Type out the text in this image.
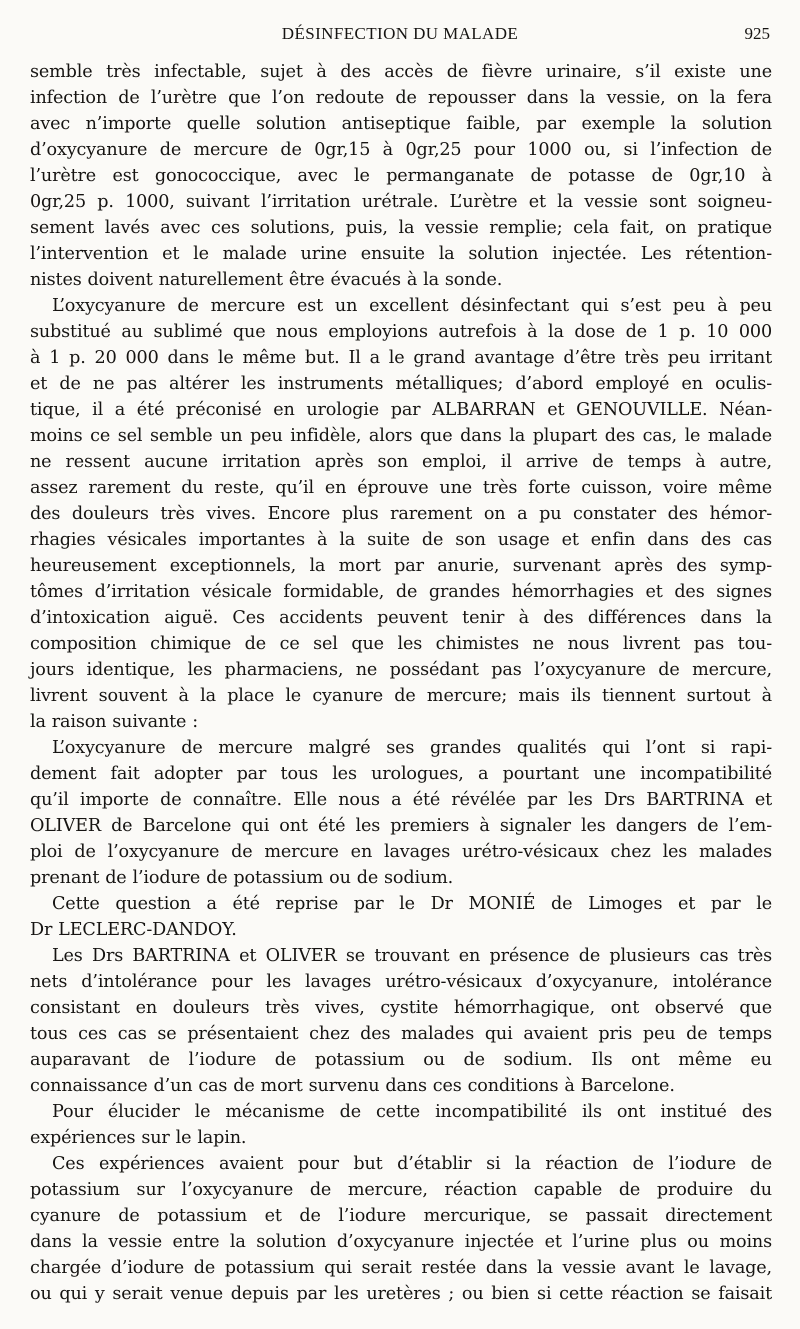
DÉSINFECTION DU MALADE	925
semble très infectable, sujet à des accès de fièvre urinaire, s’il existe une
infection de l’urètre que l’on redoute de repousser dans la vessie, on la fera
avec n’importe quelle solution antiseptique faible, par exemple la solution
d’oxycyanure de mercure de 0gr,15 à 0gr,25 pour 1000 ou, si l’infection de
l’urètre est gonococcique, avec le permanganate de potasse de 0gr,10 à
0gr,25 p. 1000, suivant l’irritation urétrale. L’urètre et la vessie sont soigneu-
sement lavés avec ces solutions, puis, la vessie remplie; cela fait, on pratique
l’intervention et le malade urine ensuite la solution injectée. Les rétention-
nistes doivent naturellement être évacués à la sonde.
L’oxycyanure de mercure est un excellent désinfectant qui s’est peu à peu
substitué au sublimé que nous employions autrefois à la dose de 1 p. 10 000
à 1 p. 20 000 dans le même but. Il a le grand avantage d’être très peu irritant
et de ne pas altérer les instruments métalliques; d’abord employé en oculis-
tique, il a été préconisé en urologie par ALBARRAN et GENOUVILLE. Néan-
moins ce sel semble un peu infidèle, alors que dans la plupart des cas, le malade
ne ressent aucune irritation après son emploi, il arrive de temps à autre,
assez rarement du reste, qu’il en éprouve une très forte cuisson, voire même
des douleurs très vives. Encore plus rarement on a pu constater des hémor-
rhagies vésicales importantes à la suite de son usage et enfin dans des cas
heureusement exceptionnels, la mort par anurie, survenant après des symp-
tômes d’irritation vésicale formidable, de grandes hémorrhagies et des signes
d’intoxication aiguë. Ces accidents peuvent tenir à des différences dans la
composition chimique de ce sel que les chimistes ne nous livrent pas tou-
jours identique, les pharmaciens, ne possédant pas l’oxycyanure de mercure,
livrent souvent à la place le cyanure de mercure; mais ils tiennent surtout à
la raison suivante :
L’oxycyanure de mercure malgré ses grandes qualités qui l’ont si rapi-
dement fait adopter par tous les urologues, a pourtant une incompatibilité
qu’il importe de connaître. Elle nous a été révélée par les Drs BARTRINA et
OLIVER de Barcelone qui ont été les premiers à signaler les dangers de l’em-
ploi de l’oxycyanure de mercure en lavages urétro-vésicaux chez les malades
prenant de l’iodure de potassium ou de sodium.
Cette question a été reprise par le Dr MONIÉ de Limoges et par le
Dr LECLERC-DANDOY.
Les Drs BARTRINA et OLIVER se trouvant en présence de plusieurs cas très
nets d’intolérance pour les lavages urétro-vésicaux d’oxycyanure, intolérance
consistant en douleurs très vives, cystite hémorrhagique, ont observé que
tous ces cas se présentaient chez des malades qui avaient pris peu de temps
auparavant de l’iodure de potassium ou de sodium. Ils ont même eu
connaissance d’un cas de mort survenu dans ces conditions à Barcelone.
Pour élucider le mécanisme de cette incompatibilité ils ont institué des
expériences sur le lapin.
Ces expériences avaient pour but d’établir si la réaction de l’iodure de
potassium sur l’oxycyanure de mercure, réaction capable de produire du
cyanure de potassium et de l’iodure mercurique, se passait directement
dans la vessie entre la solution d’oxycyanure injectée et l’urine plus ou moins
chargée d’iodure de potassium qui serait restée dans la vessie avant le lavage,
ou qui y serait venue depuis par les uretères ; ou bien si cette réaction se faisait
